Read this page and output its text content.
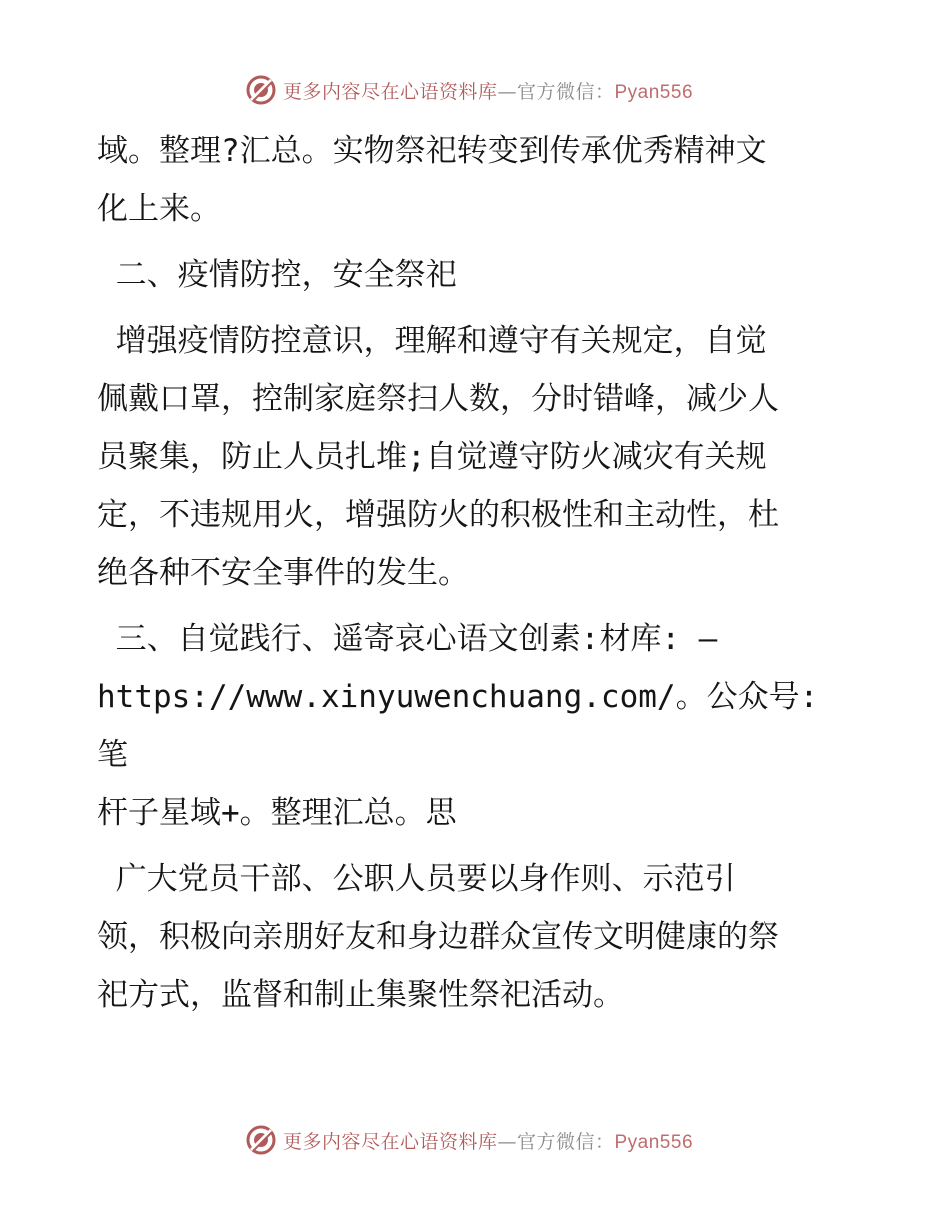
更多内容尽在心语资料库—官方微信：Pyan556

域。整理?汇总。实物祭祀转变到传承优秀精神文

化上来。

二、疫情防控，安全祭祀

增强疫情防控意识，理解和遵守有关规定，自觉

佩戴口罩，控制家庭祭扫人数，分时错峰，减少人

员聚集，防止人员扎堆;自觉遵守防火减灾有关规

定，不违规用火，增强防火的积极性和主动性，杜

绝各种不安全事件的发生。

三、自觉践行、遥寄哀心语文创素:材库: —

https://www.xinyuwenchuang.com/。公众号: 笔

杆子星域+。整理汇总。思

广大党员干部、公职人员要以身作则、示范引

领，积极向亲朋好友和身边群众宣传文明健康的祭

祀方式，监督和制止集聚性祭祀活动。

更多内容尽在心语资料库—官方微信：Pyan556
